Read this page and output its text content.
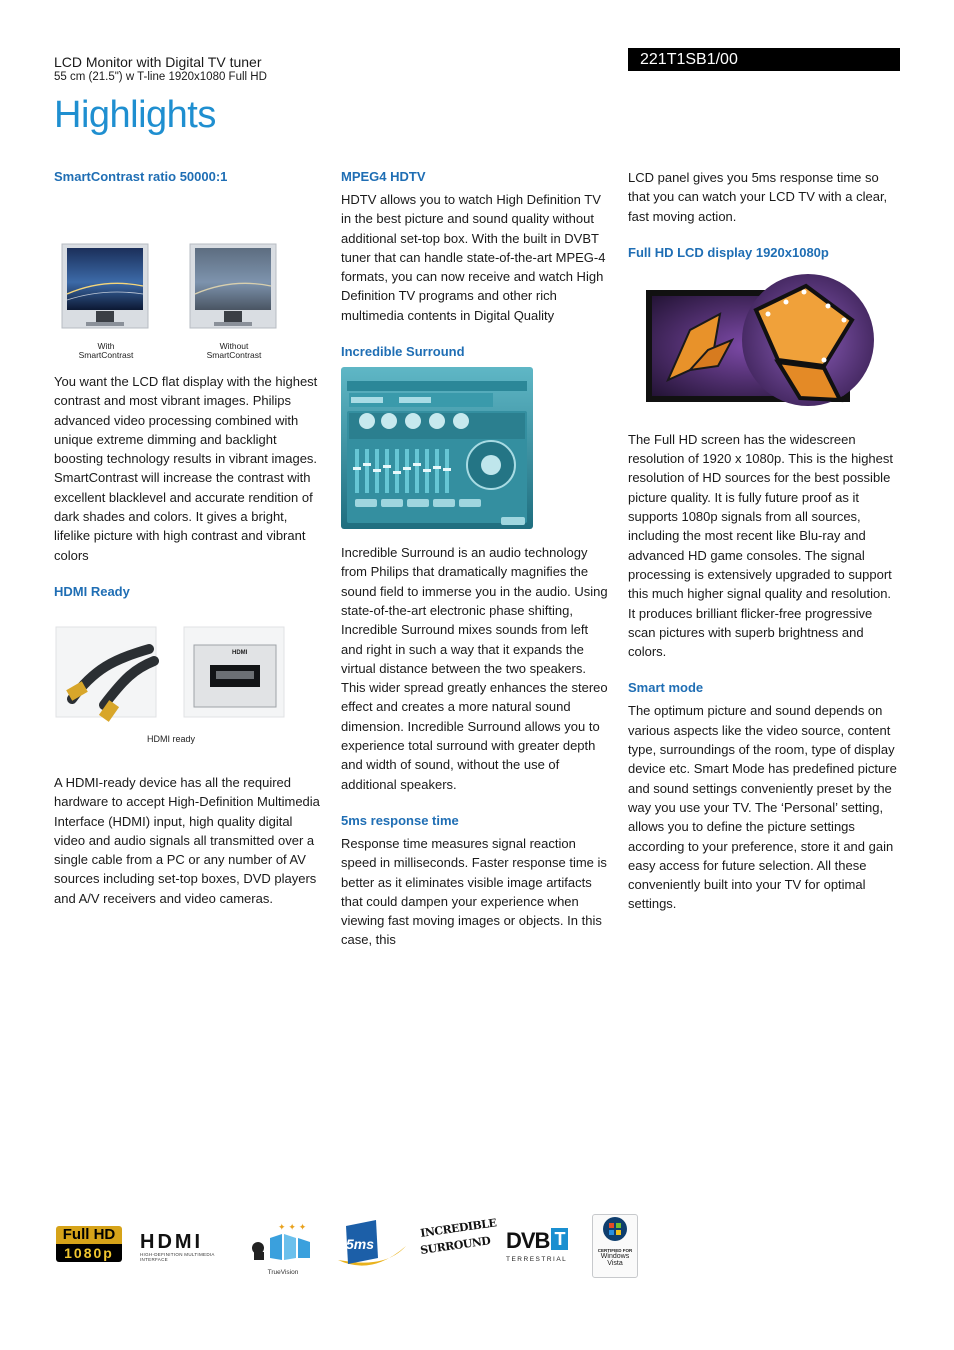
LCD Monitor with Digital TV tuner
55 cm (21.5") w T-line 1920x1080 Full HD
221T1SB1/00
Highlights
SmartContrast ratio 50000:1
With
SmartContrast
Without
SmartContrast

You want the LCD flat display with the highest contrast and most vibrant images. Philips advanced video processing combined with unique extreme dimming and backlight boosting technology results in vibrant images. SmartContrast will increase the contrast with excellent blacklevel and accurate rendition of dark shades and colors. It gives a bright, lifelike picture with high contrast and vibrant colors

HDMI Ready
HDMI
HDMI ready

A HDMI-ready device has all the required hardware to accept High-Definition Multimedia Interface (HDMI) input, high quality digital video and audio signals all transmitted over a single cable from a PC or any number of AV sources including set-top boxes, DVD players and A/V receivers and video cameras.

MPEG4 HDTV

HDTV allows you to watch High Definition TV in the best picture and sound quality without additional set-top box. With the built in DVBT tuner that can handle state-of-the-art MPEG-4 formats, you can now receive and watch High Definition TV programs and other rich multimedia contents in Digital Quality

Incredible Surround

Incredible Surround is an audio technology from Philips that dramatically magnifies the sound field to immerse you in the audio. Using state-of-the-art electronic phase shifting, Incredible Surround mixes sounds from left and right in such a way that it expands the virtual distance between the two speakers. This wider spread greatly enhances the stereo effect and creates a more natural sound dimension. Incredible Surround allows you to experience total surround with greater depth and width of sound, without the use of additional speakers.

5ms response time

Response time measures signal reaction speed in milliseconds. Faster response time is better as it eliminates visible image artifacts that could dampen your experience when viewing fast moving images or objects. In this case, this

LCD panel gives you 5ms response time so that you can watch your LCD TV with a clear, fast moving action.

Full HD LCD display 1920x1080p

The Full HD screen has the widescreen resolution of 1920 x 1080p. This is the highest resolution of HD sources for the best possible picture quality. It is fully future proof as it supports 1080p signals from all sources, including the most recent like Blu-ray and advanced HD game consoles. The signal processing is extensively upgraded to support this much higher signal quality and resolution. It produces brilliant flicker-free progressive scan pictures with superb brightness and colors.

Smart mode

The optimum picture and sound depends on various aspects like the video source, content type, surroundings of the room, type of display device etc. Smart Mode has predefined picture and sound settings conveniently preset by the way you use your TV. The ‘Personal’ setting, allows you to define the picture settings according to your preference, store it and gain easy access for future selection. All these conveniently built into your TV for optimal settings.

Full HD
1080p	HDMI
HIGH-DEFINITION MULTIMEDIA INTERFACE
✦ ✦ ✦
TrueVision
5ms
INCREDIBLE
SURROUND DVB T
TERRESTRIAL
CERTIFIED FOR
Windows
Vista
